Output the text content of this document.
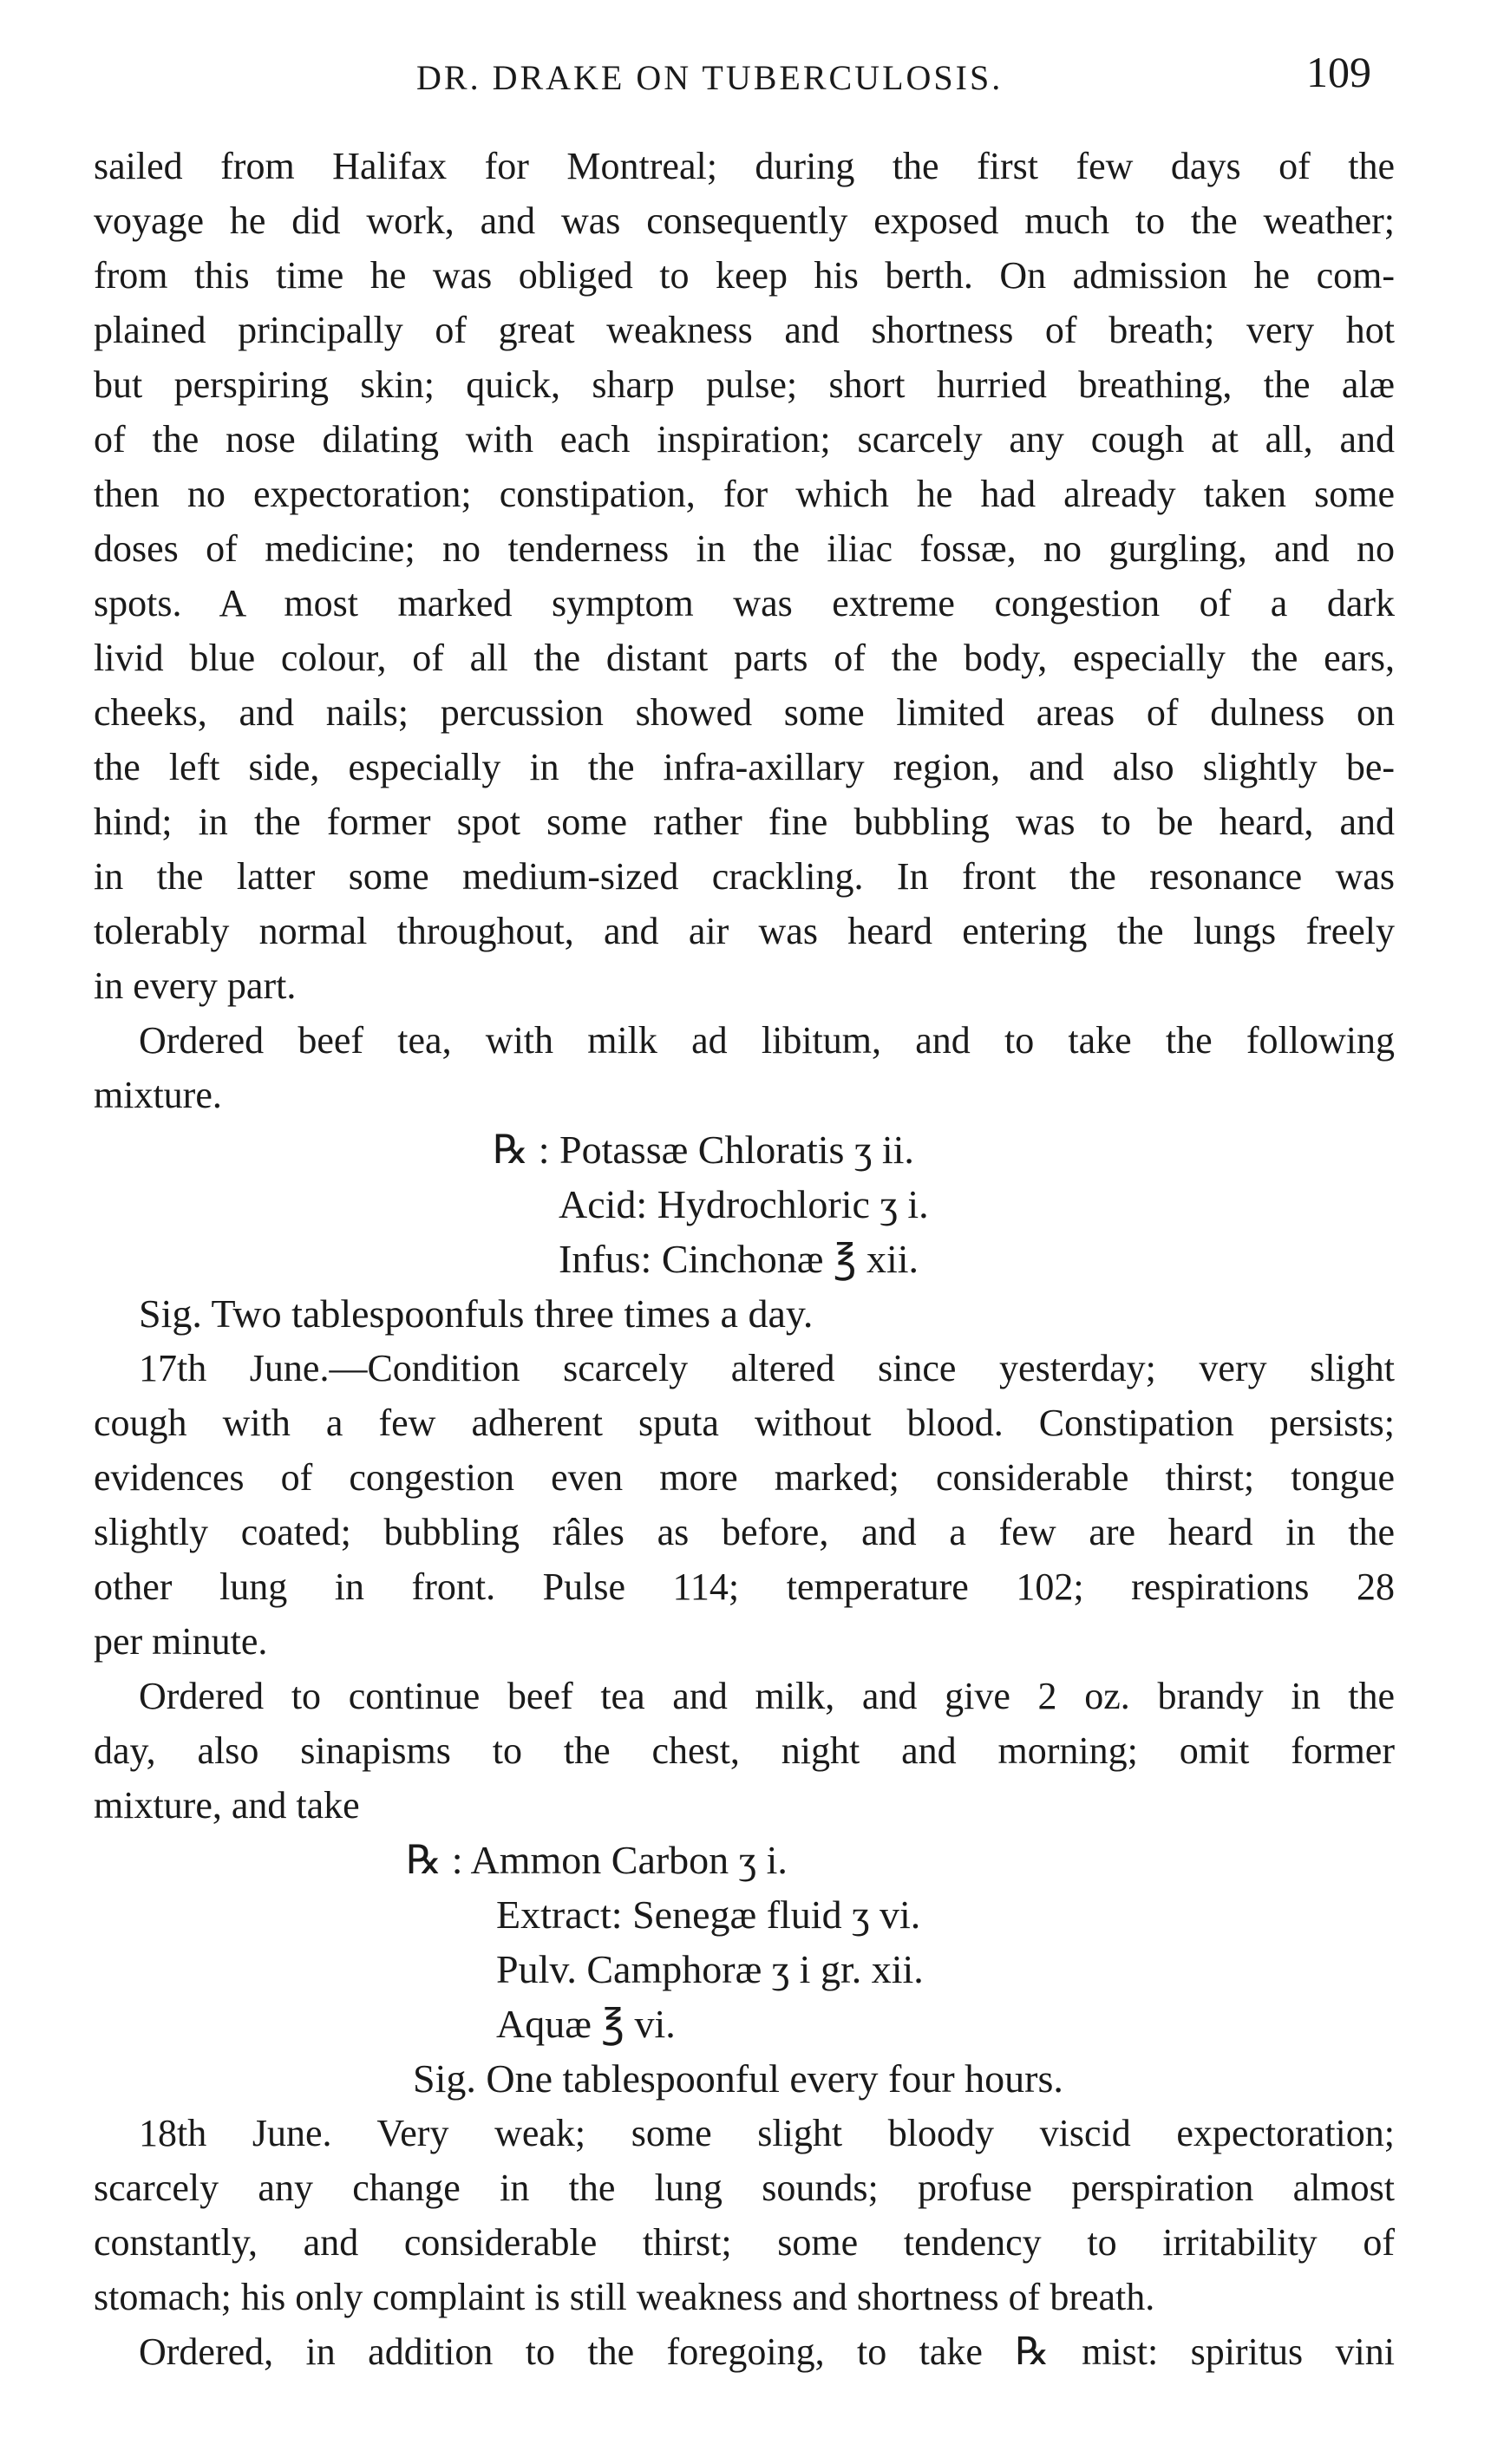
DR. DRAKE ON TUBERCULOSIS.	109
sailed from Halifax for Montreal; during the first few days of the
voyage he did work, and was consequently exposed much to the weather;
from this time he was obliged to keep his berth. On admission he com-
plained principally of great weakness and shortness of breath; very hot
but perspiring skin; quick, sharp pulse; short hurried breathing, the alæ
of the nose dilating with each inspiration; scarcely any cough at all, and
then no expectoration; constipation, for which he had already taken some
doses of medicine; no tenderness in the iliac fossæ, no gurgling, and no
spots. A most marked symptom was extreme congestion of a dark
livid blue colour, of all the distant parts of the body, especially the ears,
cheeks, and nails; percussion showed some limited areas of dulness on
the left side, especially in the infra-axillary region, and also slightly be-
hind; in the former spot some rather fine bubbling was to be heard, and
in the latter some medium-sized crackling. In front the resonance was
tolerably normal throughout, and air was heard entering the lungs freely
in every part.
Ordered beef tea, with milk ad libitum, and to take the following
mixture.
℞ : Potassæ Chloratis ʒ ii.
Acid: Hydrochloric ʒ i.
Infus: Cinchonæ ℥ xii.
Sig. Two tablespoonfuls three times a day.
17th June.—Condition scarcely altered since yesterday; very slight
cough with a few adherent sputa without blood. Constipation persists;
evidences of congestion even more marked; considerable thirst; tongue
slightly coated; bubbling râles as before, and a few are heard in the
other lung in front. Pulse 114; temperature 102; respirations 28
per minute.
Ordered to continue beef tea and milk, and give 2 oz. brandy in the
day, also sinapisms to the chest, night and morning; omit former
mixture, and take
℞ : Ammon Carbon ʒ i.
Extract: Senegæ fluid ʒ vi.
Pulv. Camphoræ ʒ i gr. xii.
Aquæ ℥ vi.
Sig. One tablespoonful every four hours.
18th June. Very weak; some slight bloody viscid expectoration;
scarcely any change in the lung sounds; profuse perspiration almost
constantly, and considerable thirst; some tendency to irritability of
stomach; his only complaint is still weakness and shortness of breath.
Ordered, in addition to the foregoing, to take ℞ mist: spiritus vini
